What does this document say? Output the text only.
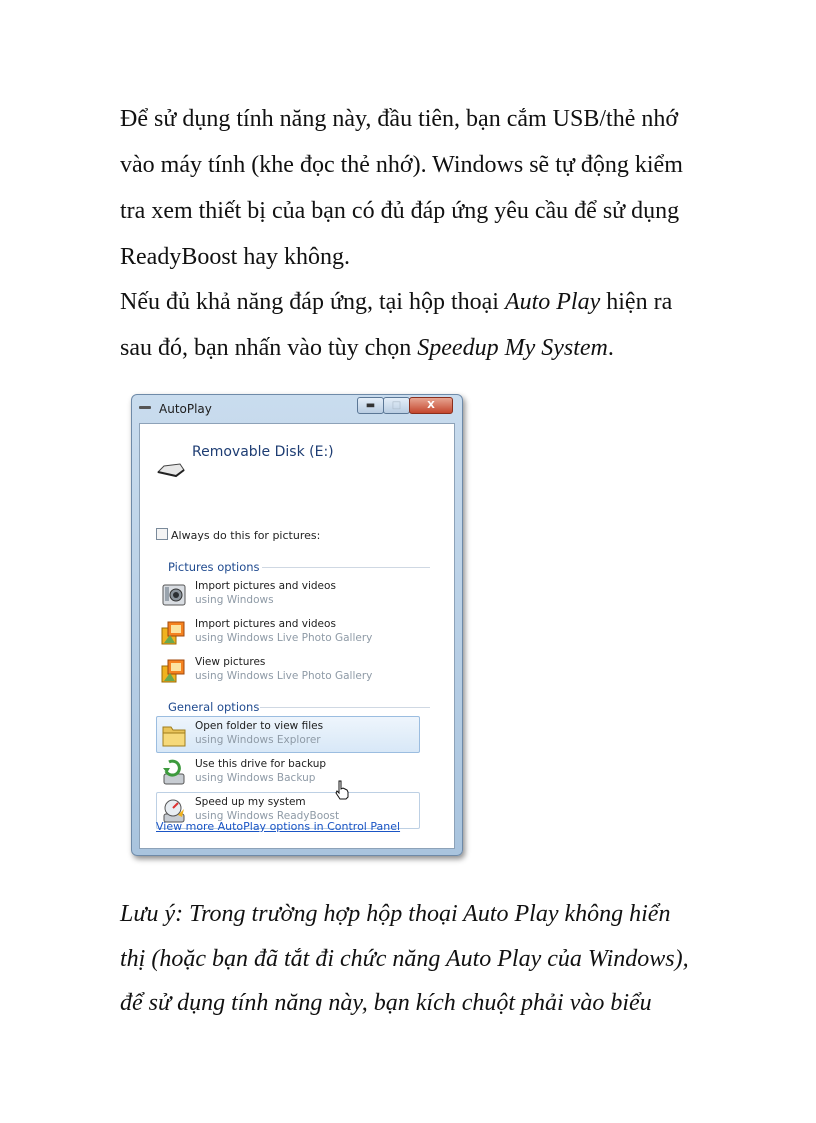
Để sử dụng tính năng này, đầu tiên, bạn cắm USB/thẻ nhớ
vào máy tính (khe đọc thẻ nhớ). Windows sẽ tự động kiểm
tra xem thiết bị của bạn có đủ đáp ứng yêu cầu để sử dụng
ReadyBoost hay không.

Nếu đủ khả năng đáp ứng, tại hộp thoại Auto Play hiện ra
sau đó, bạn nhấn vào tùy chọn Speedup My System.

AutoPlay	▬	□	X
Removable Disk (E:)
Always do this for pictures:
Pictures options
Import pictures and videos
using Windows
Import pictures and videos
using Windows Live Photo Gallery
View pictures
using Windows Live Photo Gallery
General options
Open folder to view files
using Windows Explorer
Use this drive for backup
using Windows Backup
Speed up my system
using Windows ReadyBoost
View more AutoPlay options in Control Panel

Lưu ý: Trong trường hợp hộp thoại Auto Play không hiển
thị (hoặc bạn đã tắt đi chức năng Auto Play của Windows),
để sử dụng tính năng này, bạn kích chuột phải vào biểu
